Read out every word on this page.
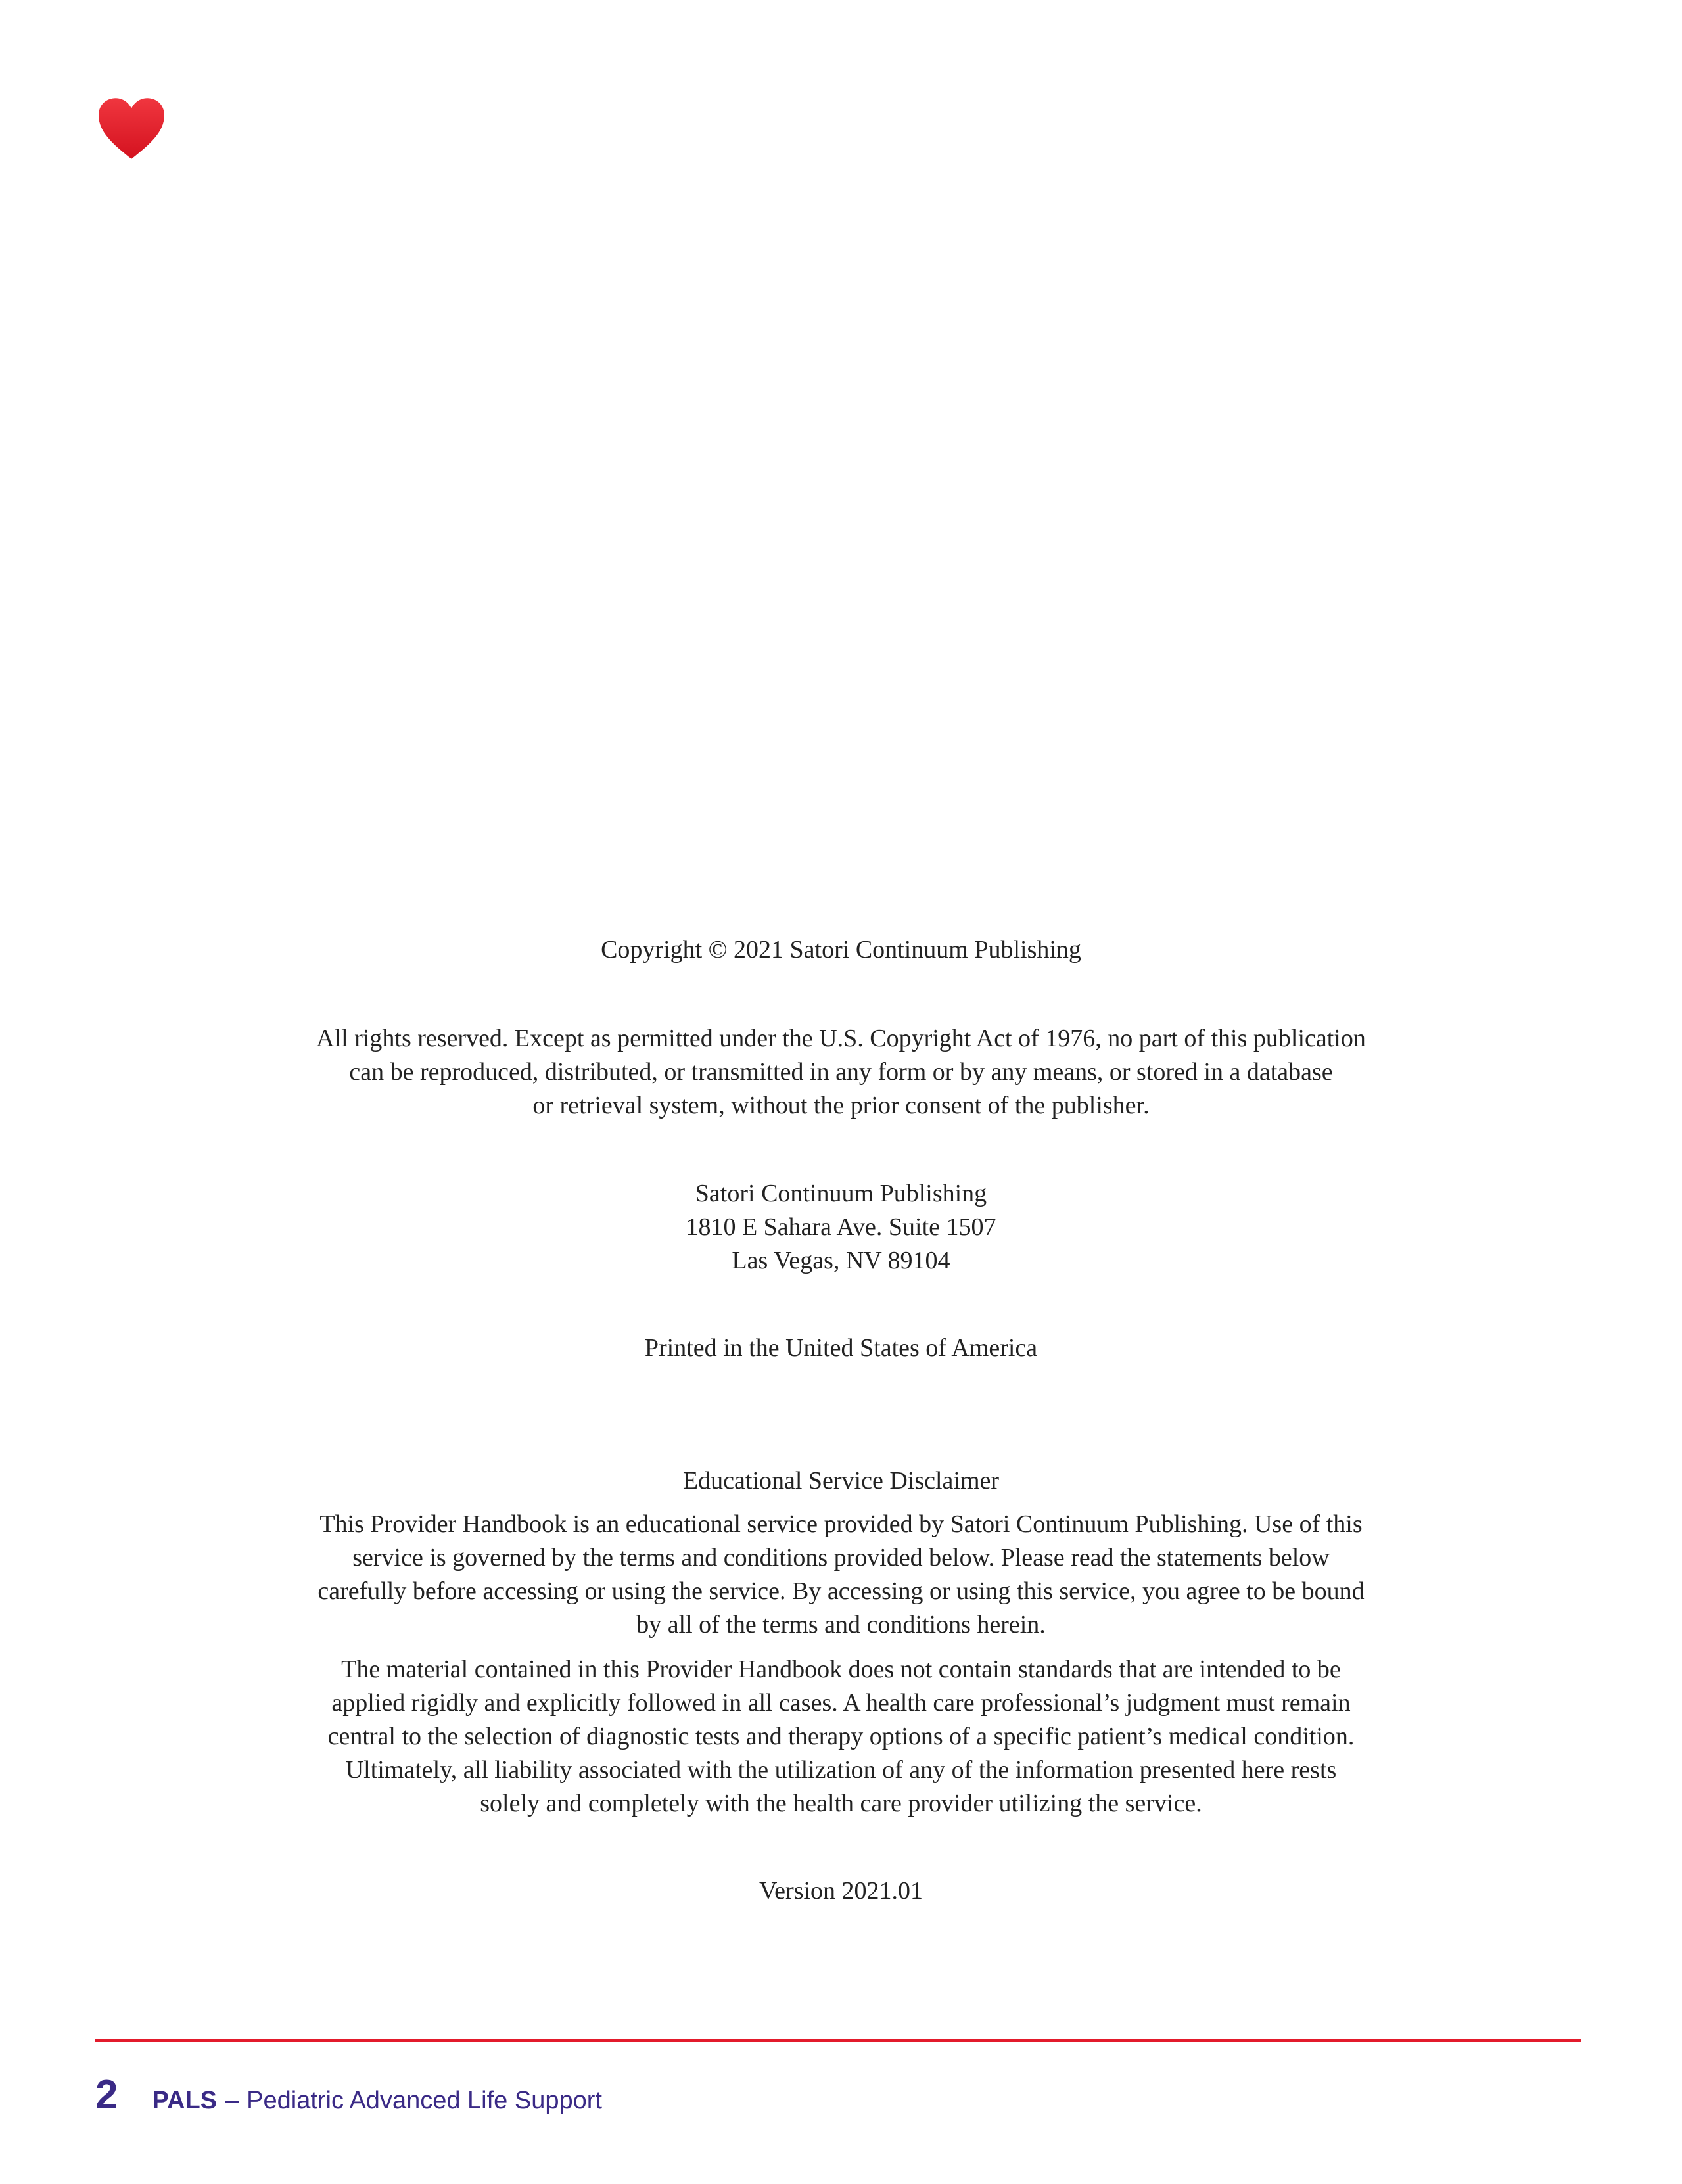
Copyright © 2021 Satori Continuum Publishing

All rights reserved. Except as permitted under the U.S. Copyright Act of 1976, no part of this publication

can be reproduced, distributed, or transmitted in any form or by any means, or stored in a database

or retrieval system, without the prior consent of the publisher.

Satori Continuum Publishing

1810 E Sahara Ave. Suite 1507

Las Vegas, NV 89104

Printed in the United States of America

Educational Service Disclaimer

This Provider Handbook is an educational service provided by Satori Continuum Publishing. Use of this

service is governed by the terms and conditions provided below. Please read the statements below

carefully before accessing or using the service. By accessing or using this service, you agree to be bound

by all of the terms and conditions herein.

The material contained in this Provider Handbook does not contain standards that are intended to be

applied rigidly and explicitly followed in all cases. A health care professional’s judgment must remain

central to the selection of diagnostic tests and therapy options of a specific patient’s medical condition.

Ultimately, all liability associated with the utilization of any of the information presented here rests

solely and completely with the health care provider utilizing the service.

Version 2021.01

2 PALS – Pediatric Advanced Life Support
